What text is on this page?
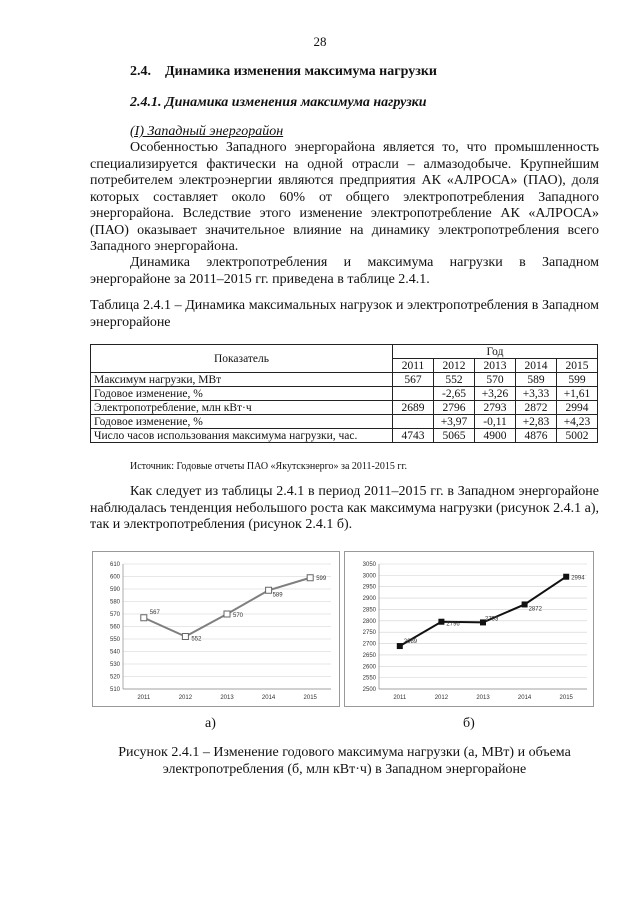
28
2.4.    Динамика изменения максимума нагрузки
2.4.1. Динамика изменения максимума нагрузки
(I) Западный энергорайон
Особенностью Западного энергорайона является то, что промышленность специализируется фактически на одной отрасли – алмазодобыче. Крупнейшим потребителем электроэнергии являются предприятия АК «АЛРОСА» (ПАО), доля которых составляет около 60% от общего электропотребления Западного энергорайона. Вследствие этого изменение электропотребление АК «АЛРОСА» (ПАО) оказывает значительное влияние на динамику электропотребления всего Западного энергорайона.
Динамика электропотребления и максимума нагрузки в Западном энергорайоне за 2011–2015 гг. приведена в таблице 2.4.1.
Таблица 2.4.1 – Динамика максимальных нагрузок и электропотребления в Западном энергорайоне
Показатель	Год				
	2011	2012	2013	2014	2015
Максимум нагрузки, МВт	567	552	570	589	599
Годовое изменение, %		-2,65	+3,26	+3,33	+1,61
Электропотребление, млн кВт·ч	2689	2796	2793	2872	2994
Годовое изменение, %		+3,97	-0,11	+2,83	+4,23
Число часов использования максимума нагрузки, час.	4743	5065	4900	4876	5002
Источник: Годовые отчеты ПАО «Якутскэнерго» за 2011-2015 гг.
Как следует из таблицы 2.4.1 в период 2011–2015 гг. в Западном энергорайоне наблюдалась тенденция небольшого роста как максимума нагрузки (рисунок 2.4.1 а), так и электропотребления (рисунок 2.4.1 б).
510
520
530
540
550
560
570
580
590
600
610
2011	2012	2013	2014	2015
567
552
570
589
599
2500
2550
2600
2650
2700
2750
2800
2850
2900
2950
3000
3050
2011	2012	2013	2014	2015
2689
2796
2793
2872
2994
а)	б)
Рисунок 2.4.1 – Изменение годового максимума нагрузки (а, МВт) и объема электропотребления (б, млн кВт·ч) в Западном энергорайоне
